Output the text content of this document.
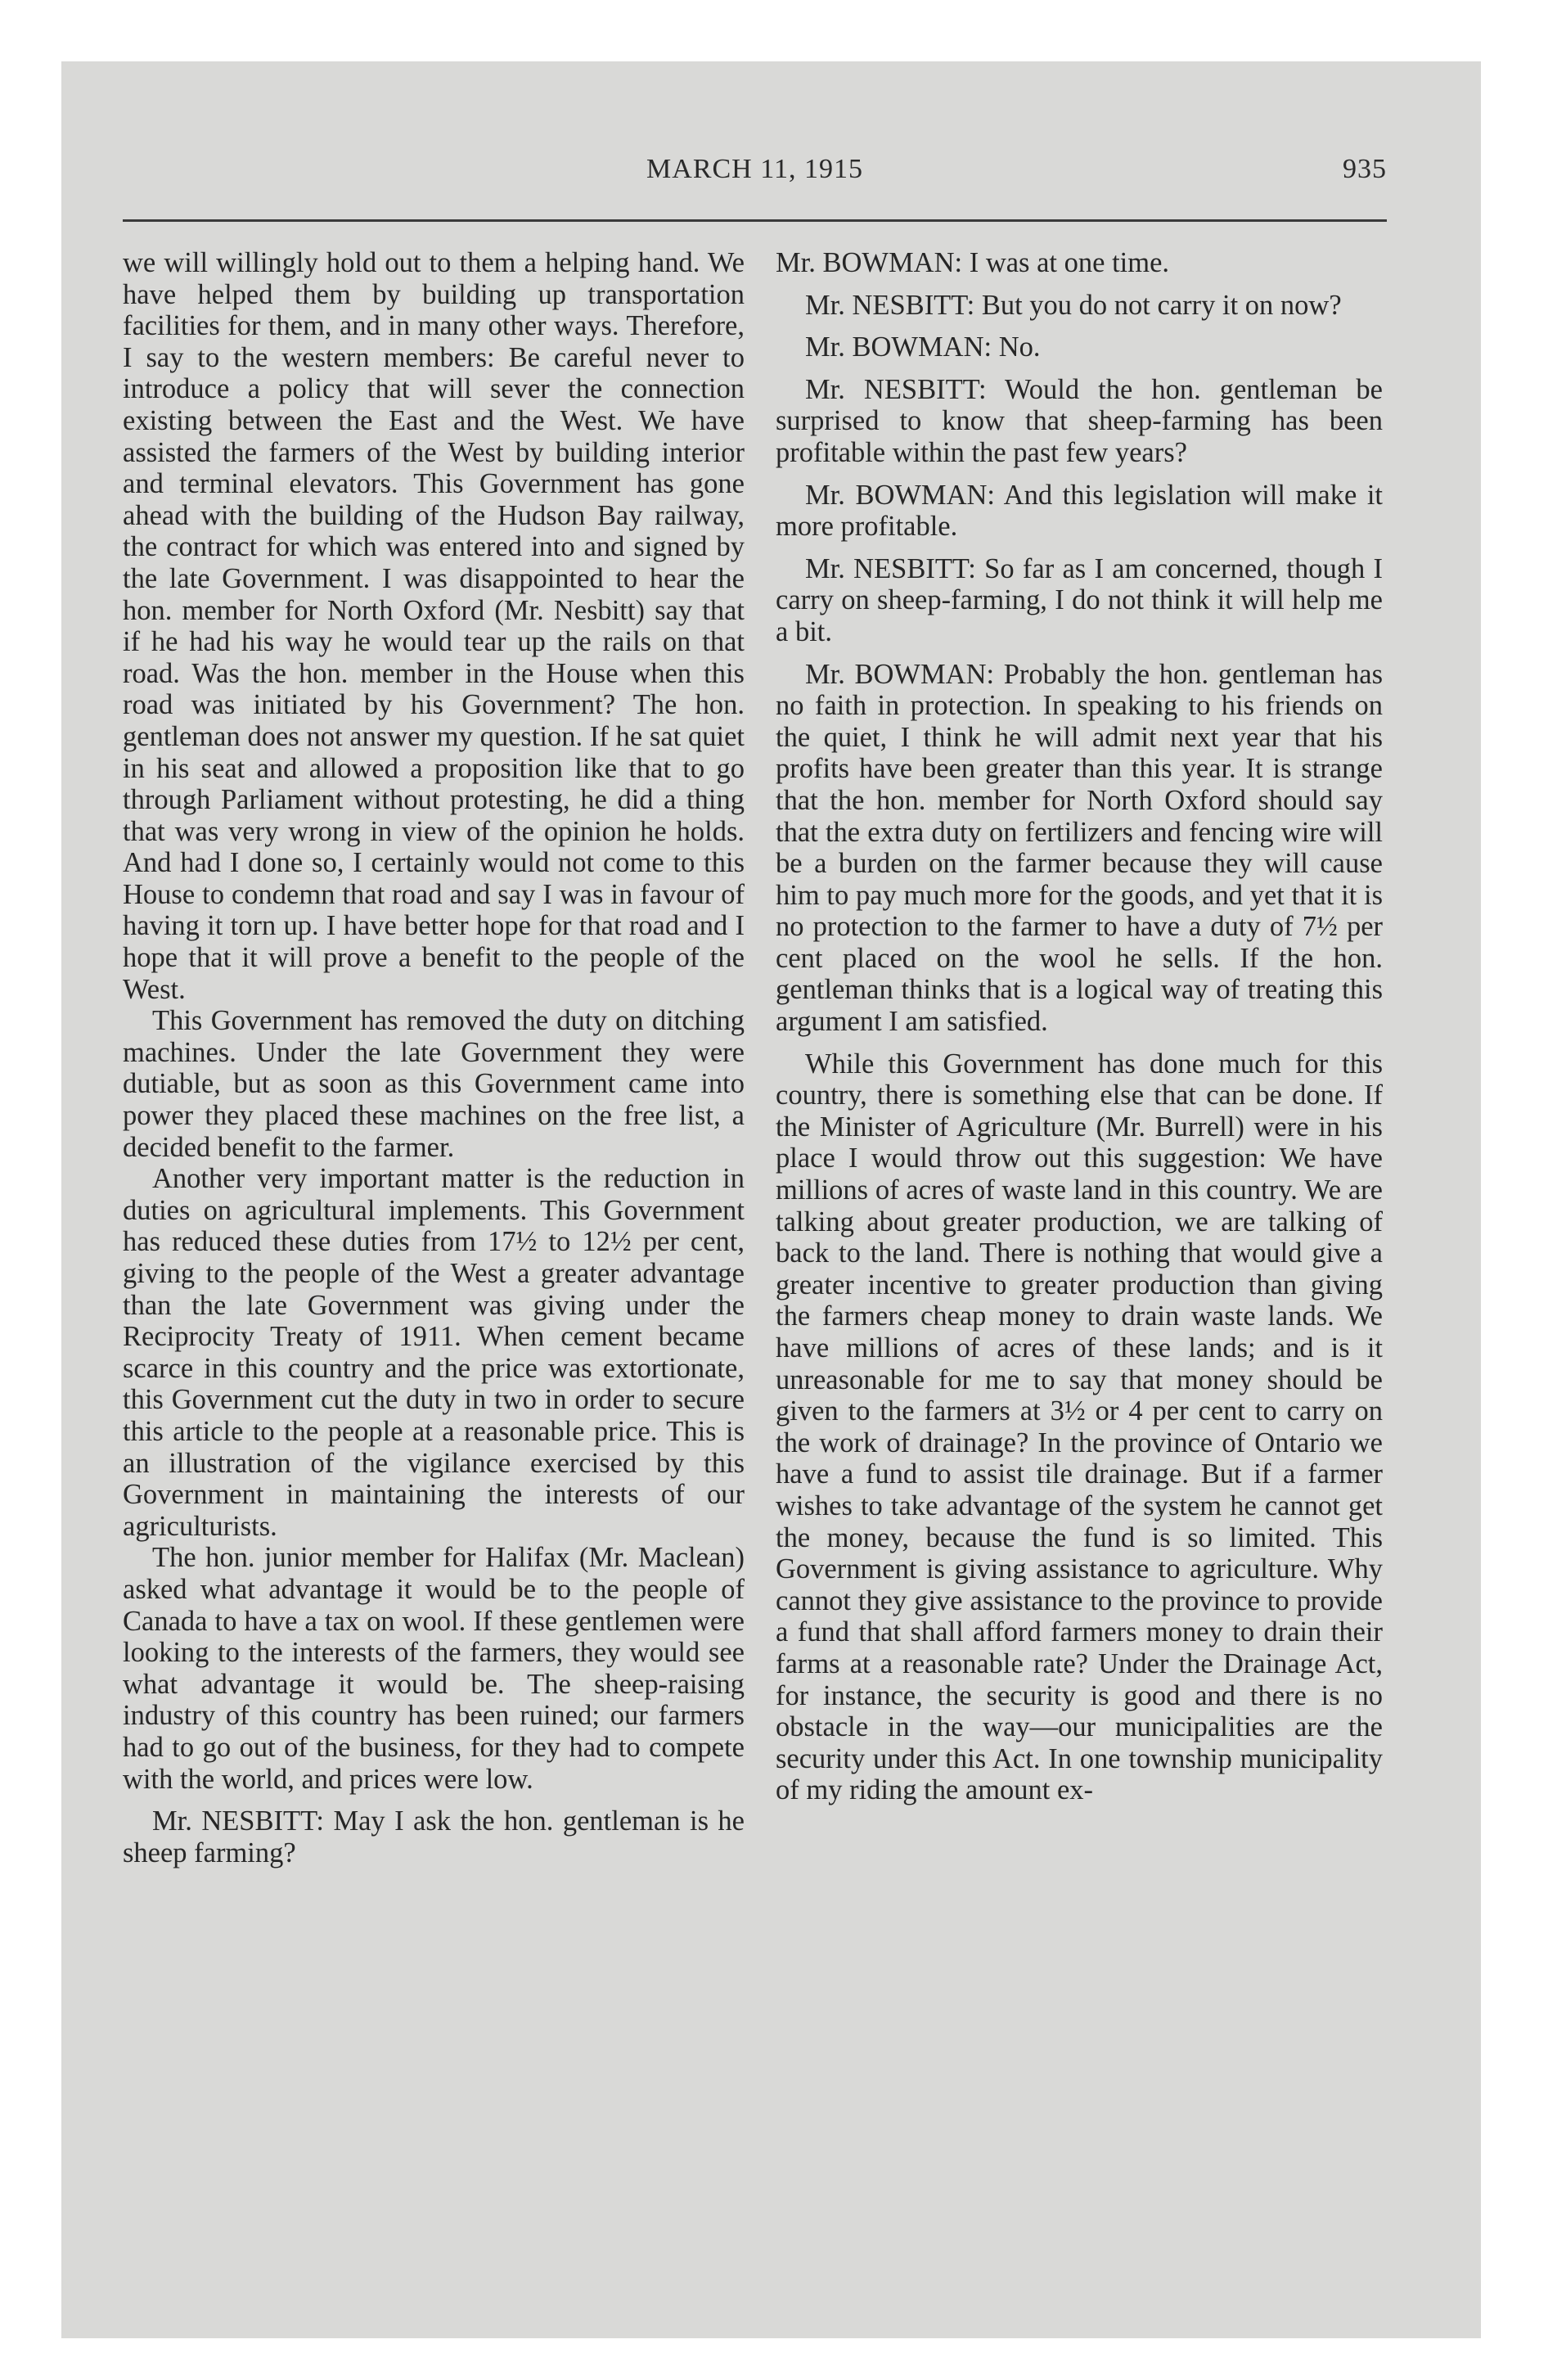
MARCH 11, 1915	935

we will willingly hold out to them a helping hand. We have helped them by building up transportation facilities for them, and in many other ways. Therefore, I say to the western members: Be careful never to introduce a policy that will sever the connection existing between the East and the West. We have assisted the farmers of the West by building interior and terminal elevators. This Government has gone ahead with the building of the Hudson Bay railway, the contract for which was entered into and signed by the late Government. I was disappointed to hear the hon. member for North Oxford (Mr. Nesbitt) say that if he had his way he would tear up the rails on that road. Was the hon. member in the House when this road was initiated by his Government? The hon. gentleman does not answer my question. If he sat quiet in his seat and allowed a proposition like that to go through Parliament without protesting, he did a thing that was very wrong in view of the opinion he holds. And had I done so, I certainly would not come to this House to condemn that road and say I was in favour of having it torn up. I have better hope for that road and I hope that it will prove a benefit to the people of the West.

This Government has removed the duty on ditching machines. Under the late Government they were dutiable, but as soon as this Government came into power they placed these machines on the free list, a decided benefit to the farmer.

Another very important matter is the reduction in duties on agricultural implements. This Government has reduced these duties from 17½ to 12½ per cent, giving to the people of the West a greater advantage than the late Government was giving under the Reciprocity Treaty of 1911. When cement became scarce in this country and the price was extortionate, this Government cut the duty in two in order to secure this article to the people at a reasonable price. This is an illustration of the vigilance exercised by this Government in maintaining the interests of our agriculturists.

The hon. junior member for Halifax (Mr. Maclean) asked what advantage it would be to the people of Canada to have a tax on wool. If these gentlemen were looking to the interests of the farmers, they would see what advantage it would be. The sheep-raising industry of this country has been ruined; our farmers had to go out of the business, for they had to compete with the world, and prices were low.

Mr. NESBITT: May I ask the hon. gentleman is he sheep farming?

Mr. BOWMAN: I was at one time.

Mr. NESBITT: But you do not carry it on now?

Mr. BOWMAN: No.

Mr. NESBITT: Would the hon. gentleman be surprised to know that sheep-farming has been profitable within the past few years?

Mr. BOWMAN: And this legislation will make it more profitable.

Mr. NESBITT: So far as I am concerned, though I carry on sheep-farming, I do not think it will help me a bit.

Mr. BOWMAN: Probably the hon. gentleman has no faith in protection. In speaking to his friends on the quiet, I think he will admit next year that his profits have been greater than this year. It is strange that the hon. member for North Oxford should say that the extra duty on fertilizers and fencing wire will be a burden on the farmer because they will cause him to pay much more for the goods, and yet that it is no protection to the farmer to have a duty of 7½ per cent placed on the wool he sells. If the hon. gentleman thinks that is a logical way of treating this argument I am satisfied.

While this Government has done much for this country, there is something else that can be done. If the Minister of Agriculture (Mr. Burrell) were in his place I would throw out this suggestion: We have millions of acres of waste land in this country. We are talking about greater production, we are talking of back to the land. There is nothing that would give a greater incentive to greater production than giving the farmers cheap money to drain waste lands. We have millions of acres of these lands; and is it unreasonable for me to say that money should be given to the farmers at 3½ or 4 per cent to carry on the work of drainage? In the province of Ontario we have a fund to assist tile drainage. But if a farmer wishes to take advantage of the system he cannot get the money, because the fund is so limited. This Government is giving assistance to agriculture. Why cannot they give assistance to the province to provide a fund that shall afford farmers money to drain their farms at a reasonable rate? Under the Drainage Act, for instance, the security is good and there is no obstacle in the way—our municipalities are the security under this Act. In one township municipality of my riding the amount ex-
